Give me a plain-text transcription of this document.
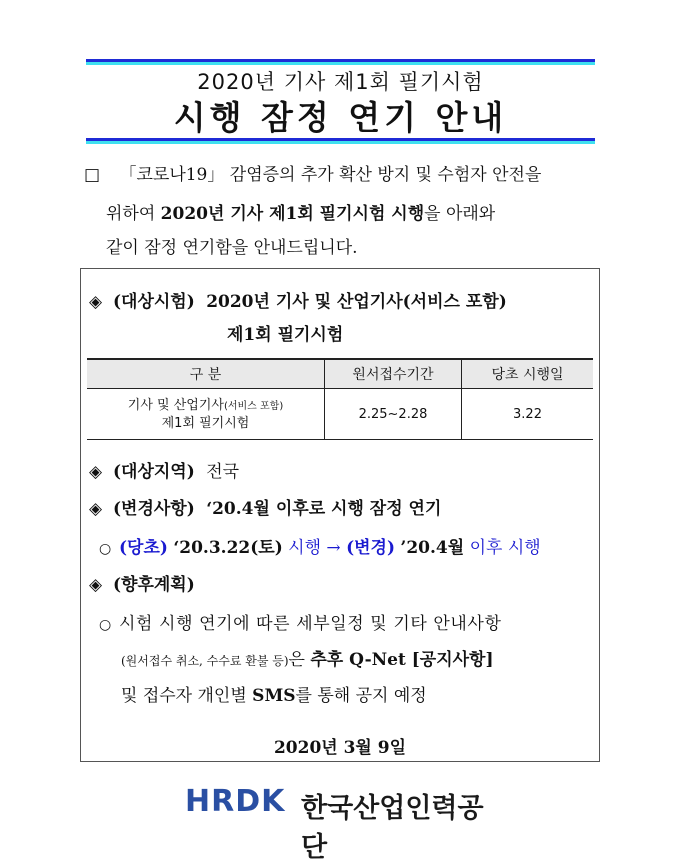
2020년 기사 제1회 필기시험
시행 잠정 연기 안내
□ 「코로나19」 감염증의 추가 확산 방지 및 수험자 안전을
위하여 2020년 기사 제1회 필기시험 시행을 아래와
같이 잠정 연기함을 안내드립니다.
◈ (대상시험) 2020년 기사 및 산업기사(서비스 포함)
제1회 필기시험
구 분	원서접수기간	당초 시행일
기사 및 산업기사(서비스 포함)
제1회 필기시험	2.25~2.28	3.22
◈ (대상지역) 전국
◈ (변경사항) ‘20.4월 이후로 시행 잠정 연기
○ (당초) ‘20.3.22(토) 시행 → (변경) ’20.4월 이후 시행
◈ (향후계획)
○ 시험 시행 연기에 따른 세부일정 및 기타 안내사항
(원서접수 취소, 수수료 환불 등)은 추후 Q-Net [공지사항]
및 접수자 개인별 SMS를 통해 공지 예정
2020년 3월 9일
HRDK 한국산업인력공단
